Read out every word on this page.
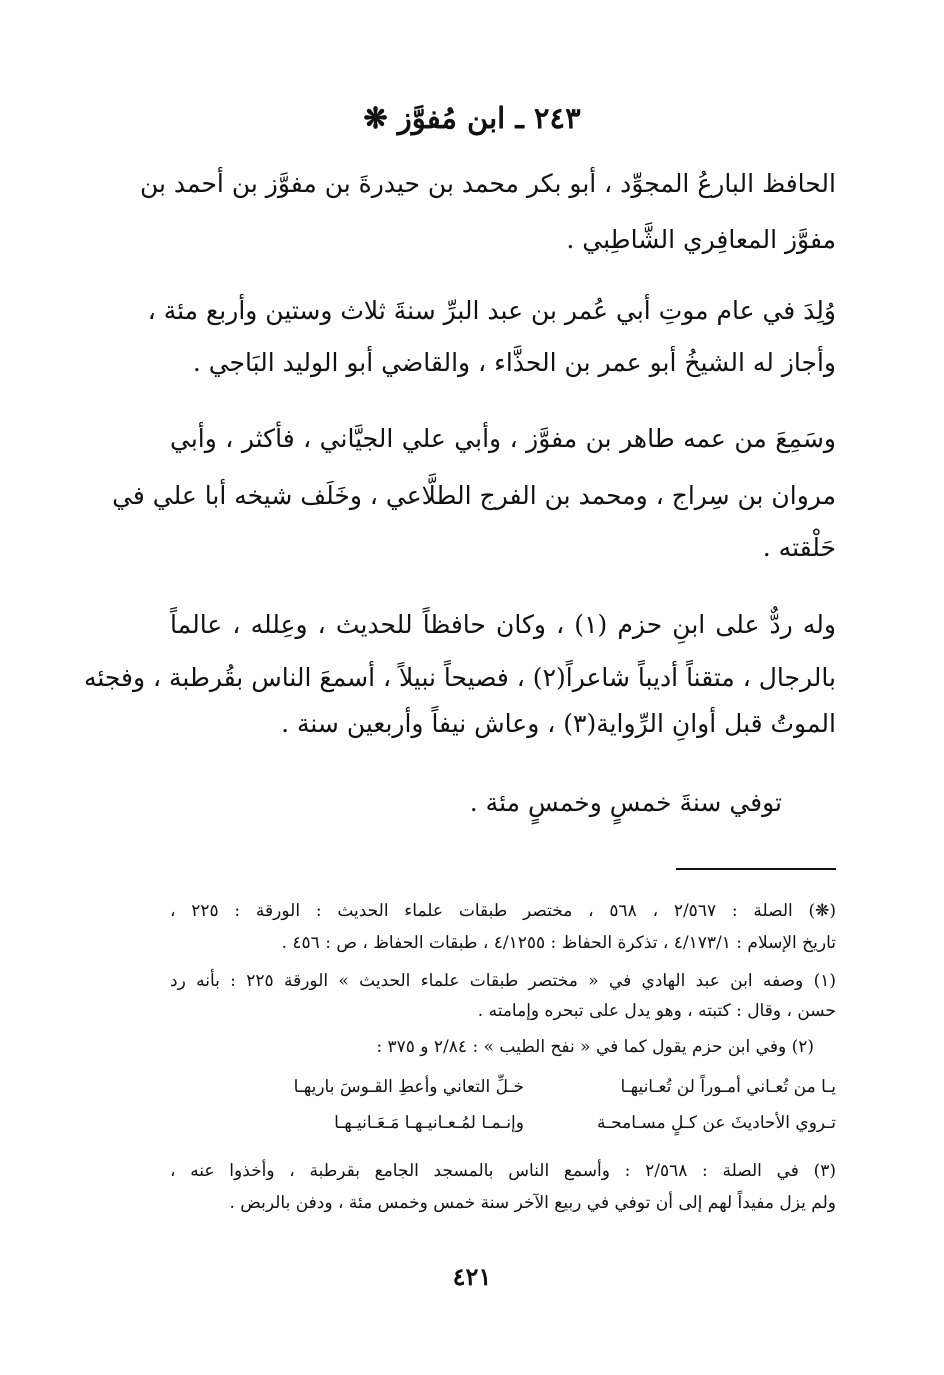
٢٤٣ ـ ابن مُفوَّز ❋
الحافظ البارعُ المجوِّد ، أبو بكر محمد بن حيدرةَ بن مفوَّز بن أحمد بن
مفوَّز المعافِري الشَّاطِبي .
وُلِدَ في عام موتِ أبي عُمر بن عبد البرِّ سنةَ ثلاث وستين وأربع مئة ،
وأجاز له الشيخُ أبو عمر بن الحذَّاء ، والقاضي أبو الوليد البَاجي .
وسَمِعَ من عمه طاهر بن مفوَّز ، وأبي علي الجيَّاني ، فأكثر ، وأبي
مروان بن سِراج ، ومحمد بن الفرج الطلَّاعي ، وخَلَف شيخه أبا علي في
حَلْقته .
وله ردٌّ على ابنِ حزم (١) ، وكان حافظاً للحديث ، وعِلله ، عالماً
بالرجال ، متقناً أديباً شاعراً(٢) ، فصيحاً نبيلاً ، أسمعَ الناس بقُرطبة ، وفجئه
الموتُ قبل أوانِ الرِّواية(٣) ، وعاش نيفاً وأربعين سنة .
توفي سنةَ خمسٍ وخمسٍ مئة .
(❋) الصلة : ٢/٥٦٧ ، ٥٦٨ ، مختصر طبقات علماء الحديث : الورقة : ٢٢٥ ،
تاريخ الإسلام : ٤/١٧٣/١ ، تذكرة الحفاظ : ٤/١٢٥٥ ، طبقات الحفاظ ، ص : ٤٥٦ .
(١) وصفه ابن عبد الهادي في « مختصر طبقات علماء الحديث » الورقة ٢٢٥ : بأنه رد
حسن ، وقال : كتبته ، وهو يدل على تبحره وإمامته .
(٢) وفي ابن حزم يقول كما في « نفح الطيب » : ٢/٨٤ و ٣٧٥ :
يـا من تُعـاني أمـوراً لن تُعـانيهـا
خـلِّ التعاني وأعطِ القـوسَ باريهـا
تـروي الأحاديثَ عن كـلٍ مسـامحـة
وإنـمـا لمُـعـانيـهـا مَـعَـانيـهـا
(٣) في الصلة : ٢/٥٦٨ : وأسمع الناس بالمسجد الجامع بقرطبة ، وأخذوا عنه ،
ولم يزل مفيداً لهم إلى أن توفي في ربيع الآخر سنة خمس وخمس مئة ، ودفن بالربض .
٤٢١
